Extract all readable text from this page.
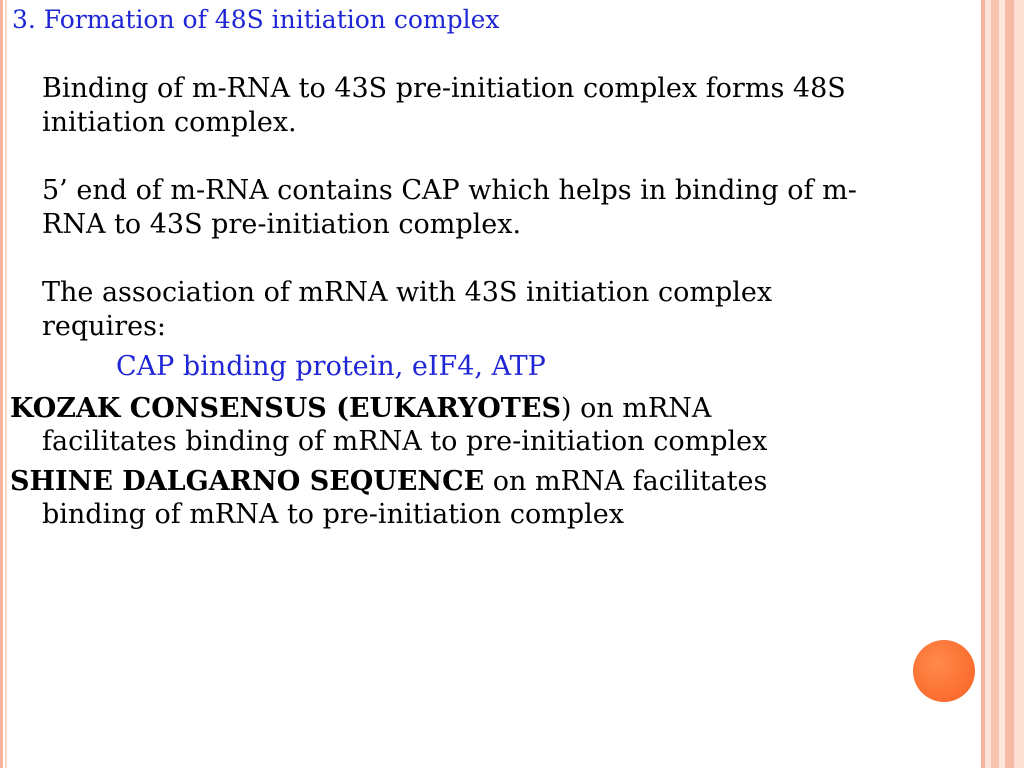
3. Formation of 48S initiation complex
Binding of m-RNA to 43S pre-initiation complex forms 48S
initiation complex.
5’ end of m-RNA contains CAP which helps in binding of m-
RNA to 43S pre-initiation complex.
The association of mRNA with 43S initiation complex
requires:
CAP binding protein, eIF4, ATP
KOZAK CONSENSUS (EUKARYOTES) on mRNA
facilitates binding of mRNA to pre-initiation complex
SHINE DALGARNO SEQUENCE on mRNA facilitates
binding of mRNA to pre-initiation complex
